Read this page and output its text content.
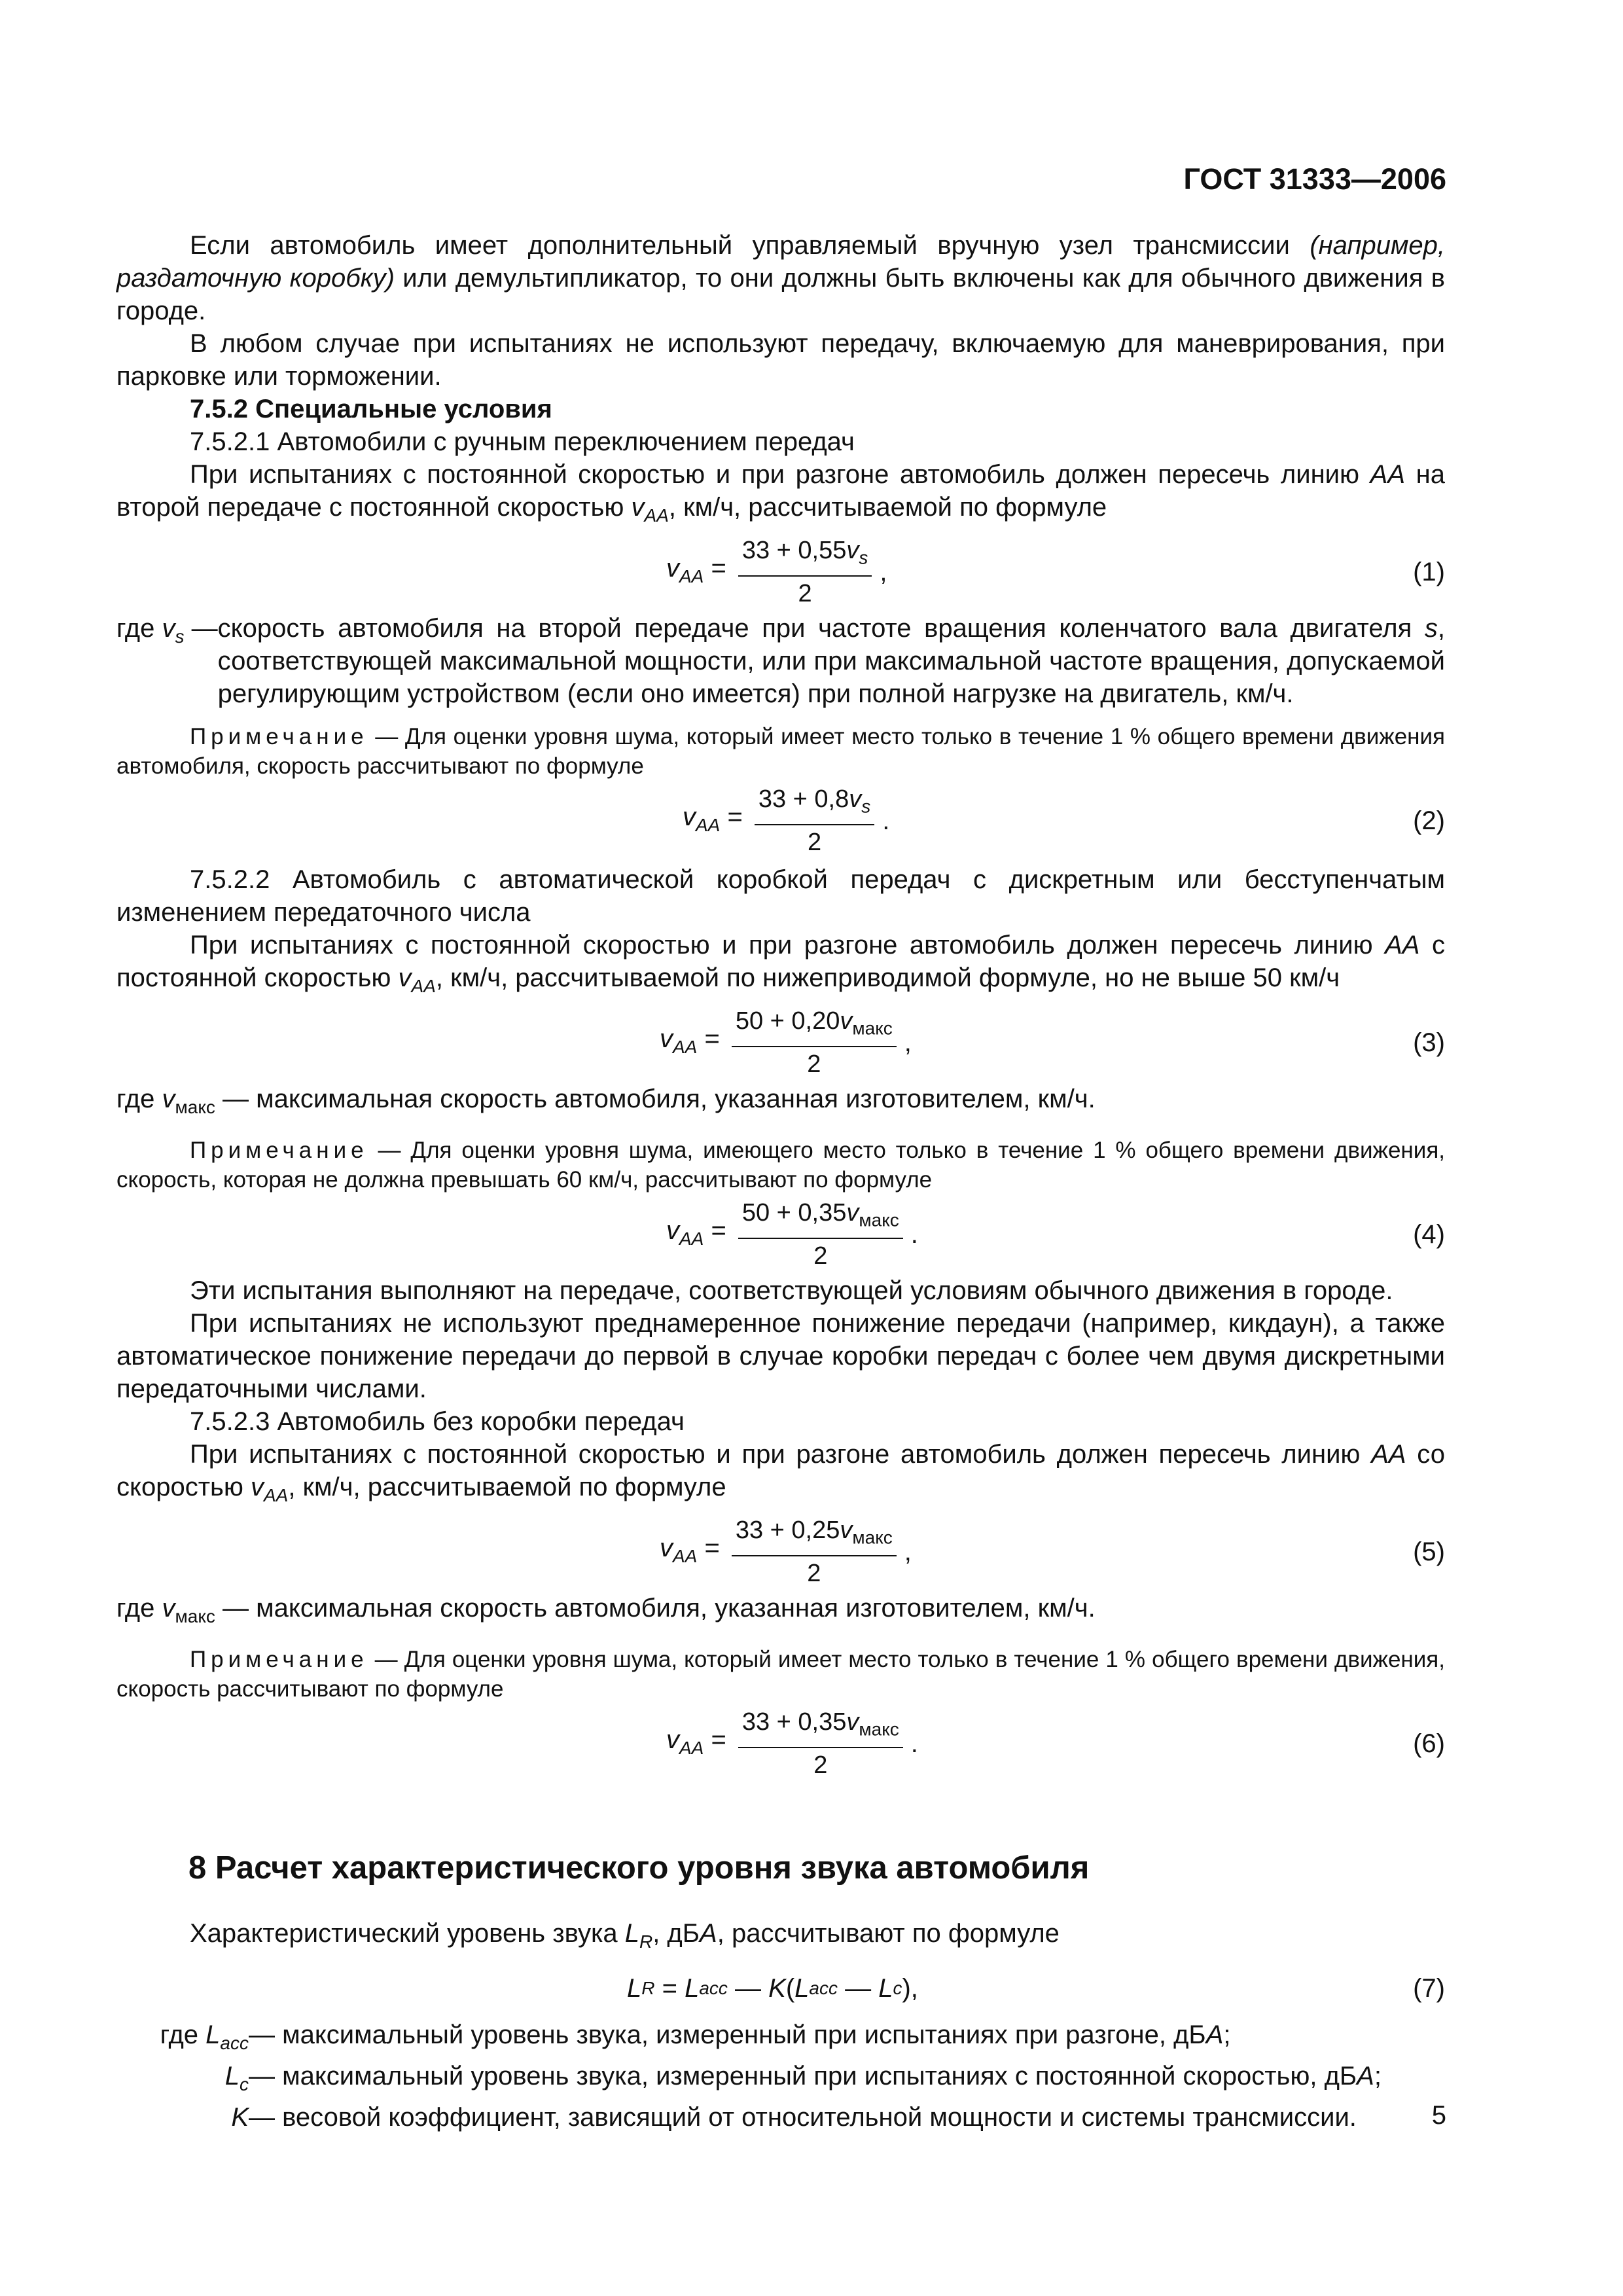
ГОСТ 31333—2006

Если автомобиль имеет дополнительный управляемый вручную узел трансмиссии (например, раздаточную коробку) или демультипликатор, то они должны быть включены как для обычного движения в городе.

В любом случае при испытаниях не используют передачу, включаемую для маневрирования, при парковке или торможении.

7.5.2 Специальные условия

7.5.2.1 Автомобили с ручным переключением передач

При испытаниях с постоянной скоростью и при разгоне автомобиль должен пересечь линию AA на второй передаче с постоянной скоростью $v_{AA}$, км/ч, рассчитываемой по формуле

$v_{AA} = \frac{33 + 0,55v_s}{2}$ ,	(1)
где $v_s$ — скорость автомобиля на второй передаче при частоте вращения коленчатого вала двигателя s, соответствующей максимальной мощности, или при максимальной частоте вращения, допускаемой регулирующим устройством (если оно имеется) при полной нагрузке на двигатель, км/ч.

Примечание — Для оценки уровня шума, который имеет место только в течение 1 % общего времени движения автомобиля, скорость рассчитывают по формуле

$v_{AA} = \frac{33 + 0,8v_s}{2}$ .	(2)

7.5.2.2 Автомобиль с автоматической коробкой передач с дискретным или бесступенчатым изменением передаточного числа

При испытаниях с постоянной скоростью и при разгоне автомобиль должен пересечь линию AA с постоянной скоростью $v_{AA}$, км/ч, рассчитываемой по нижеприводимой формуле, но не выше 50 км/ч

$v_{AA} = \frac{50 + 0,20v_{макс}}{2}$ ,	(3)

где $v_{макс}$ — максимальная скорость автомобиля, указанная изготовителем, км/ч.

Примечание — Для оценки уровня шума, имеющего место только в течение 1 % общего времени движения, скорость, которая не должна превышать 60 км/ч, рассчитывают по формуле

$v_{AA} = \frac{50 + 0,35v_{макс}}{2}$ .	(4)

Эти испытания выполняют на передаче, соответствующей условиям обычного движения в городе.

При испытаниях не используют преднамеренное понижение передачи (например, кикдаун), а также автоматическое понижение передачи до первой в случае коробки передач с более чем двумя дискретными передаточными числами.

7.5.2.3 Автомобиль без коробки передач

При испытаниях с постоянной скоростью и при разгоне автомобиль должен пересечь линию AA со скоростью $v_{AA}$, км/ч, рассчитываемой по формуле

$v_{AA} = \frac{33 + 0,25v_{макс}}{2}$ ,	(5)

где $v_{макс}$ — максимальная скорость автомобиля, указанная изготовителем, км/ч.

Примечание — Для оценки уровня шума, который имеет место только в течение 1 % общего времени движения, скорость рассчитывают по формуле

$v_{AA} = \frac{33 + 0,35v_{макс}}{2}$ .	(6)
8 Расчет характеристического уровня звука автомобиля

Характеристический уровень звука $L_R$, дБA, рассчитывают по формуле

L R = L acc — K ( L acc — L c ),	(7)
где $L_{acc}$ — максимальный уровень звука, измеренный при испытаниях при разгоне, дБA;
$L_c$ — максимальный уровень звука, измеренный при испытаниях с постоянной скоростью, дБA;
K — весовой коэффициент, зависящий от относительной мощности и системы трансмиссии.	5
